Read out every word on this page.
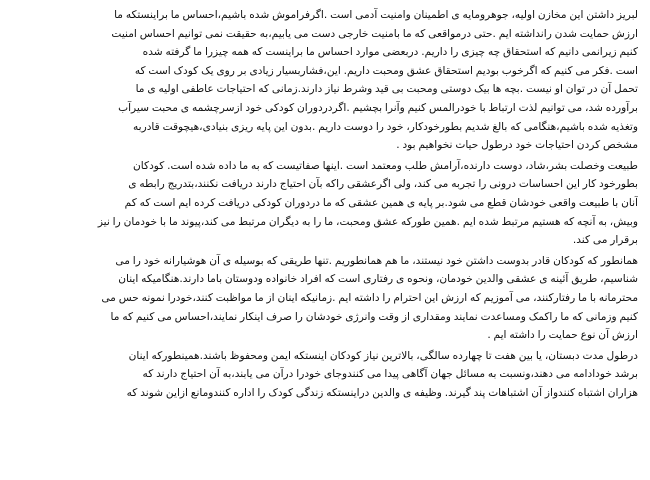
لبریز داشتن این مخازن اولیه، جوهرومایه ی اطمینان وامنیت آدمی است .اگرفراموش شده باشیم،احساس ما براینستکه ما
ارزش حمایت شدن رانداشته ایم .حتی درمواقعی که ما بامنیت خارجی دست می یابیم،به حقیقت نمی توانیم احساس امنیت
کنیم زیرانمی دانیم که استحقاق چه چیزی را داریم. دربعضی موارد احساس ما براینست که همه چیزرا ما گرفته شده
است .فکر می کنیم که اگرخوب بودیم استحقاق عشق ومحبت داریم. این،فشاربسیار زیادی بر روی یک کودک است که
تحمل آن در توان او نیست .بچه ها بیک دوستی ومحبت بی قید وشرط نیاز دارند.زمانی که احتیاجات عاطفی اولیه ی ما
برآورده شد، می توانیم لذت ارتباط با خودرالمس کنیم وآنرا بچشیم .اگردردوران کودکی خود ازسرچشمه ی محبت سیرآب
وتغذیه شده باشیم،هنگامی که بالغ شدیم بطورخودکار، خود را دوست داریم .بدون این پایه ریزی بنیادی،هیچوقت قادربه
مشخص کردن احتیاجات خود درطول حیات نخواهیم بود .
طبیعت وخصلت بشر،شاد، دوست دارنده،آرامش طلب ومعتمد است .اینها صفاتیست که به ما داده شده است. کودکان
بطورخود کار این احساسات درونی را تجربه می کند، ولی اگرعشقی راکه بآن احتیاج دارند دریافت نکنند،بتدریج رابطه ی
آنان با طبیعت واقعی خودشان قطع می شود.بر پایه ی همین عشقی که ما دردوران کودکی دریافت کرده ایم است که کم
وبیش، به آنچه که هستیم مرتبط شده ایم .همین طورکه عشق ومحبت، ما را به دیگران مرتبط می کند،پیوند ما با خودمان را نیز
برقرار می کند.
همانطور که کودکان قادر بدوست داشتن خود نیستند، ما هم همانطوریم .تنها طریقی که بوسیله ی آن هوشیارانه خود را می
شناسیم، طریق آئینه ی عشقی والدین خودمان، ونحوه ی رفتاری است که افراد خانواده ودوستان باما دارند.هنگامیکه اینان
محترمانه با ما رفتارکنند، می آموزیم که ارزش این احترام را داشته ایم .زمانیکه اینان از ما مواظبت کنند،خودرا نمونه حس می
کنیم وزمانی که ما راکمک ومساعدت نمایند ومقداری از وقت وانرژی خودشان را صرف اینکار نمایند،احساس می کنیم که ما
ارزش آن نوع حمایت را داشته ایم .
درطول مدت دبستان، یا بین هفت تا چهارده سالگی، بالاترین نیاز کودکان اینستکه ایمن ومحفوظ باشند.همینطورکه اینان
برشد خودادامه می دهند،ونسبت به مسائل جهان آگاهی پیدا می کنندوجای خودرا درآن می یابند،به آن احتیاج دارند که
هزاران اشتباه کنندواز آن اشتباهات پند گیرند. وظیفه ی والدین دراینستکه زندگی کودک را اداره کنندومانع ازاین شوند که
